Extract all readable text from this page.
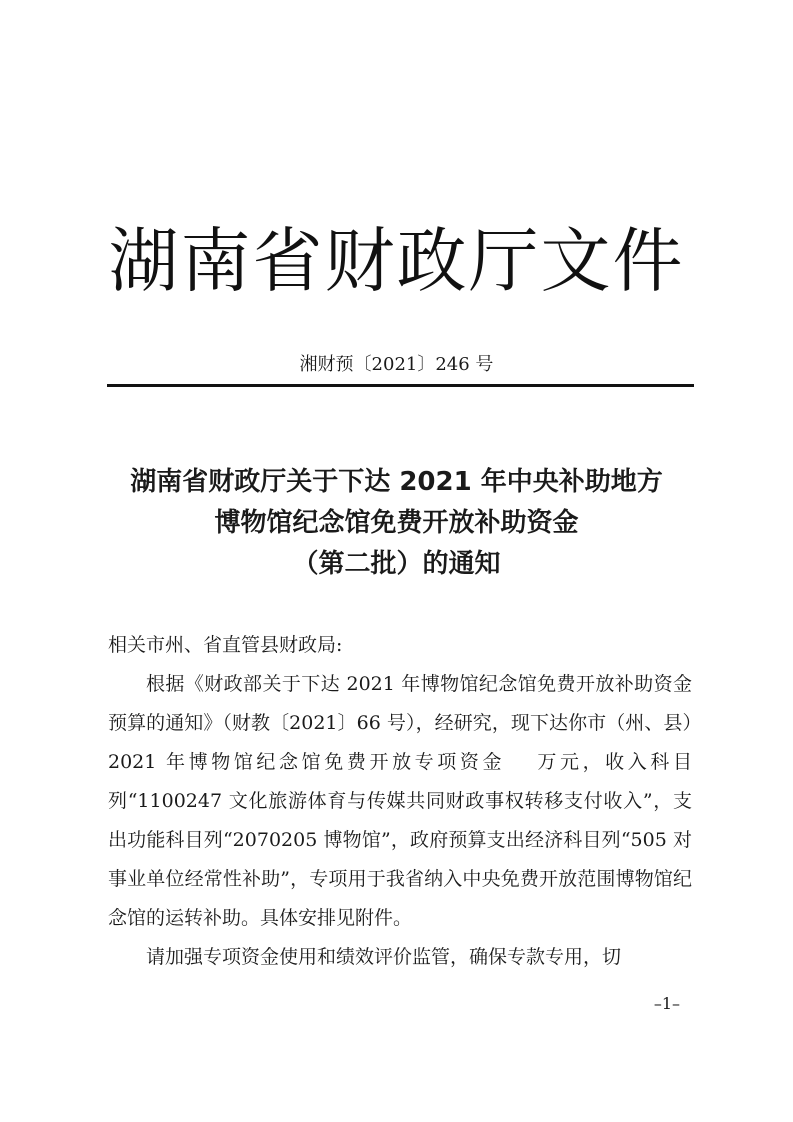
湖南省财政厅文件
湘财预〔2021〕246 号
湖南省财政厅关于下达 2021 年中央补助地方
博物馆纪念馆免费开放补助资金
（第二批）的通知

相关市州、省直管县财政局:

根据《财政部关于下达 2021 年博物馆纪念馆免费开放补助资金预算的通知》（财教〔2021〕66 号），经研究，现下达你市（州、县）2021 年博物馆纪念馆免费开放专项资金　 万元，收入科目列“1100247 文化旅游体育与传媒共同财政事权转移支付收入”，支出功能科目列“2070205 博物馆”，政府预算支出经济科目列“505 对事业单位经常性补助”，专项用于我省纳入中央免费开放范围博物馆纪念馆的运转补助。具体安排见附件。

请加强专项资金使用和绩效评价监管，确保专款专用，切

–1–
